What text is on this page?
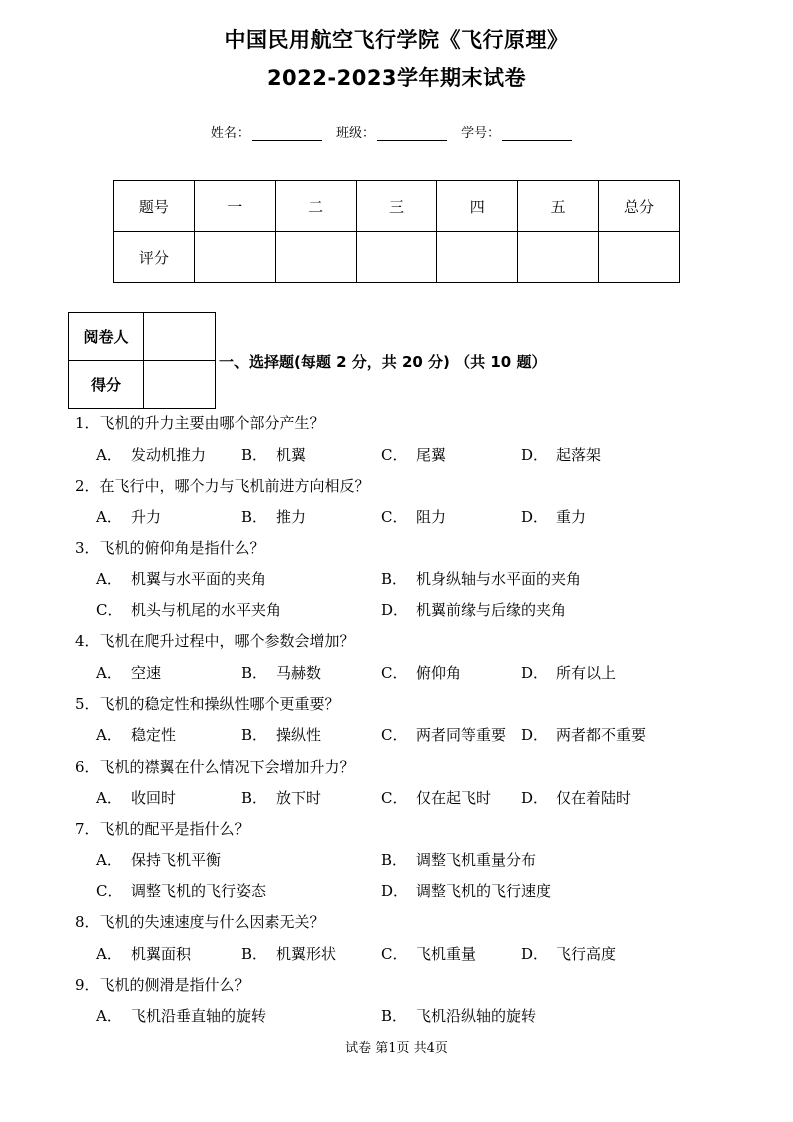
中国民用航空飞行学院《飞行原理》
2022-2023学年期末试卷
姓名：	班级：	学号：
题号	一	二	三	四	五	总分
评分						
阅卷人	
得分	
一、选择题(每题 2 分，共 20 分) （共 10 题）
1．飞机的升力主要由哪个部分产生？
A． 发动机推力 B． 机翼	C． 尾翼	D． 起落架
2．在飞行中，哪个力与飞机前进方向相反？
A． 升力	B． 推力	C． 阻力	D． 重力
3．飞机的俯仰角是指什么？
A． 机翼与水平面的夹角	B． 机身纵轴与水平面的夹角
C． 机头与机尾的水平夹角	D． 机翼前缘与后缘的夹角
4．飞机在爬升过程中，哪个参数会增加？
A． 空速	B． 马赫数	C． 俯仰角	D． 所有以上
5．飞机的稳定性和操纵性哪个更重要？
A． 稳定性	B． 操纵性	C． 两者同等重要 D． 两者都不重要
6．飞机的襟翼在什么情况下会增加升力？
A． 收回时	B． 放下时	C． 仅在起飞时 D． 仅在着陆时
7．飞机的配平是指什么？
A． 保持飞机平衡	B． 调整飞机重量分布
C． 调整飞机的飞行姿态	D． 调整飞机的飞行速度
8．飞机的失速速度与什么因素无关？
A． 机翼面积	B． 机翼形状	C． 飞机重量	D． 飞行高度
9．飞机的侧滑是指什么？
A． 飞机沿垂直轴的旋转	B． 飞机沿纵轴的旋转
试卷 第1页 共4页
